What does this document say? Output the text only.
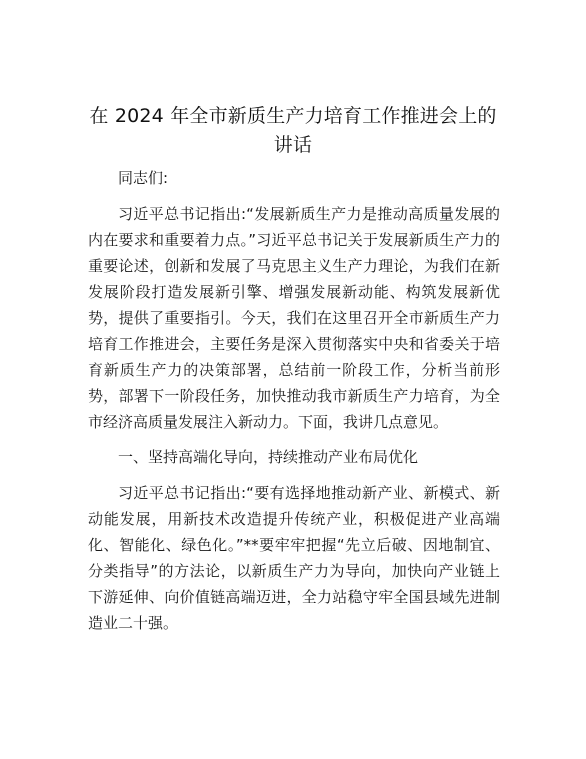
在 2024 年全市新质生产力培育工作推进会上的
讲话

同志们:

习近平总书记指出:“发展新质生产力是推动高质量发展的内在要求和重要着力点。”习近平总书记关于发展新质生产力的重要论述，创新和发展了马克思主义生产力理论，为我们在新发展阶段打造发展新引擎、增强发展新动能、构筑发展新优势，提供了重要指引。今天，我们在这里召开全市新质生产力培育工作推进会，主要任务是深入贯彻落实中央和省委关于培育新质生产力的决策部署，总结前一阶段工作，分析当前形势，部署下一阶段任务，加快推动我市新质生产力培育，为全市经济高质量发展注入新动力。下面，我讲几点意见。

一、坚持高端化导向，持续推动产业布局优化

习近平总书记指出:“要有选择地推动新产业、新模式、新动能发展，用新技术改造提升传统产业，积极促进产业高端化、智能化、绿色化。”**要牢牢把握“先立后破、因地制宜、分类指导”的方法论，以新质生产力为导向，加快向产业链上下游延伸、向价值链高端迈进，全力站稳守牢全国县域先进制造业二十强。
